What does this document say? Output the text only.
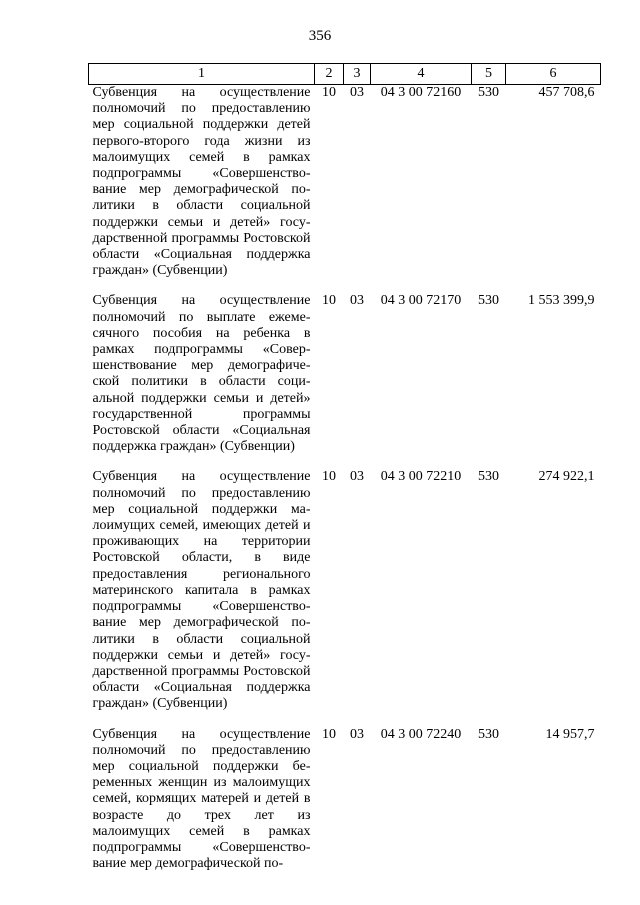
356
1	2	3	4	5	6
Субвенция на осуществление полномочий по предоставлению мер социальной поддержки детей первого-второго года жизни из малоимущих семей в рамках подпрограммы «Совершенствование мер демографической политики в области социальной поддержки семьи и детей» государственной программы Ростовской области «Социальная поддержка граждан» (Субвенции)	10	03	04 3 00 72160	530	457 708,6
Субвенция на осуществление полномочий по выплате ежемесячного пособия на ребенка в рамках подпрограммы «Совершенствование мер демографической политики в области социальной поддержки семьи и детей» государственной программы Ростовской области «Социальная поддержка граждан» (Субвенции)	10	03	04 3 00 72170	530	1 553 399,9
Субвенция на осуществление полномочий по предоставлению мер социальной поддержки малоимущих семей, имеющих детей и проживающих на территории Ростовской области, в виде предоставления регионального материнского капитала в рамках подпрограммы «Совершенствование мер демографической политики в области социальной поддержки семьи и детей» государственной программы Ростовской области «Социальная поддержка граждан» (Субвенции)	10	03	04 3 00 72210	530	274 922,1
Субвенция на осуществление полномочий по предоставлению мер социальной поддержки беременных женщин из малоимущих семей, кормящих матерей и детей в возрасте до трех лет из малоимущих семей в рамках подпрограммы «Совершенствование мер демографической по-	10	03	04 3 00 72240	530	14 957,7
